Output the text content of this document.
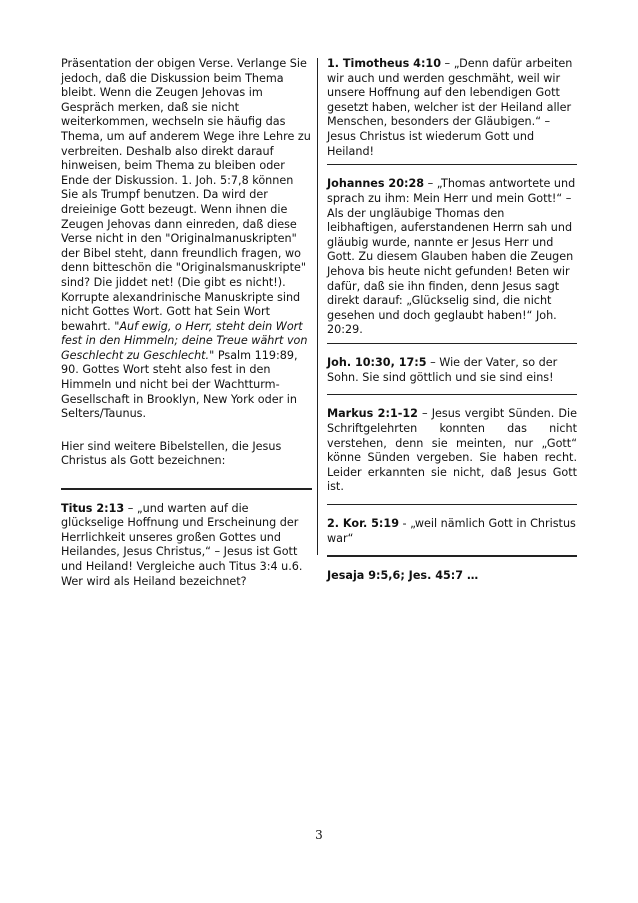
Präsentation der obigen Verse. Verlange Sie jedoch, daß die Diskussion beim Thema bleibt. Wenn die Zeugen Jehovas im Gespräch merken, daß sie nicht weiterkommen, wechseln sie häufig das Thema, um auf anderem Wege ihre Lehre zu verbreiten. Deshalb also direkt darauf hinweisen, beim Thema zu bleiben oder Ende der Diskussion. 1. Joh. 5:7,8 können Sie als Trumpf benutzen. Da wird der dreieinige Gott bezeugt. Wenn ihnen die Zeugen Jehovas dann einreden, daß diese Verse nicht in den "Originalmanuskripten" der Bibel steht, dann freundlich fragen, wo denn bitteschön die "Originalsmanuskripte" sind? Die jiddet net! (Die gibt es nicht!). Korrupte alexandrinische Manuskripte sind nicht Gottes Wort. Gott hat Sein Wort bewahrt. "Auf ewig, o Herr, steht dein Wort fest in den Himmeln; deine Treue währt von Geschlecht zu Geschlecht." Psalm 119:89, 90. Gottes Wort steht also fest in den Himmeln und nicht bei der Wachtturm-Gesellschaft in Brooklyn, New York oder in Selters/Taunus.

Hier sind weitere Bibelstellen, die Jesus Christus als Gott bezeichnen:

Titus 2:13 – „und warten auf die glückselige Hoffnung und Erscheinung der Herrlichkeit unseres großen Gottes und Heilandes, Jesus Christus,“ – Jesus ist Gott und Heiland! Vergleiche auch Titus 3:4 u.6. Wer wird als Heiland bezeichnet?

1. Timotheus 4:10 – „Denn dafür arbeiten wir auch und werden geschmäht, weil wir unsere Hoffnung auf den lebendigen Gott gesetzt haben, welcher ist der Heiland aller Menschen, besonders der Gläubigen.“ – Jesus Christus ist wiederum Gott und Heiland!

Johannes 20:28 – „Thomas antwortete und sprach zu ihm: Mein Herr und mein Gott!“ – Als der ungläubige Thomas den leibhaftigen, auferstandenen Herrn sah und gläubig wurde, nannte er Jesus Herr und Gott. Zu diesem Glauben haben die Zeugen Jehova bis heute nicht gefunden! Beten wir dafür, daß sie ihn finden, denn Jesus sagt direkt darauf: „Glückselig sind, die nicht gesehen und doch geglaubt haben!“ Joh. 20:29.

Joh. 10:30, 17:5 – Wie der Vater, so der Sohn. Sie sind göttlich und sie sind eins!

Markus 2:1-12 – Jesus vergibt Sünden. Die Schriftgelehrten konnten das nicht verstehen, denn sie meinten, nur „Gott“ könne Sünden vergeben. Sie haben recht. Leider erkannten sie nicht, daß Jesus Gott ist.

2. Kor. 5:19 - „weil nämlich Gott in Christus war“

Jesaja 9:5,6; Jes. 45:7 …

3
